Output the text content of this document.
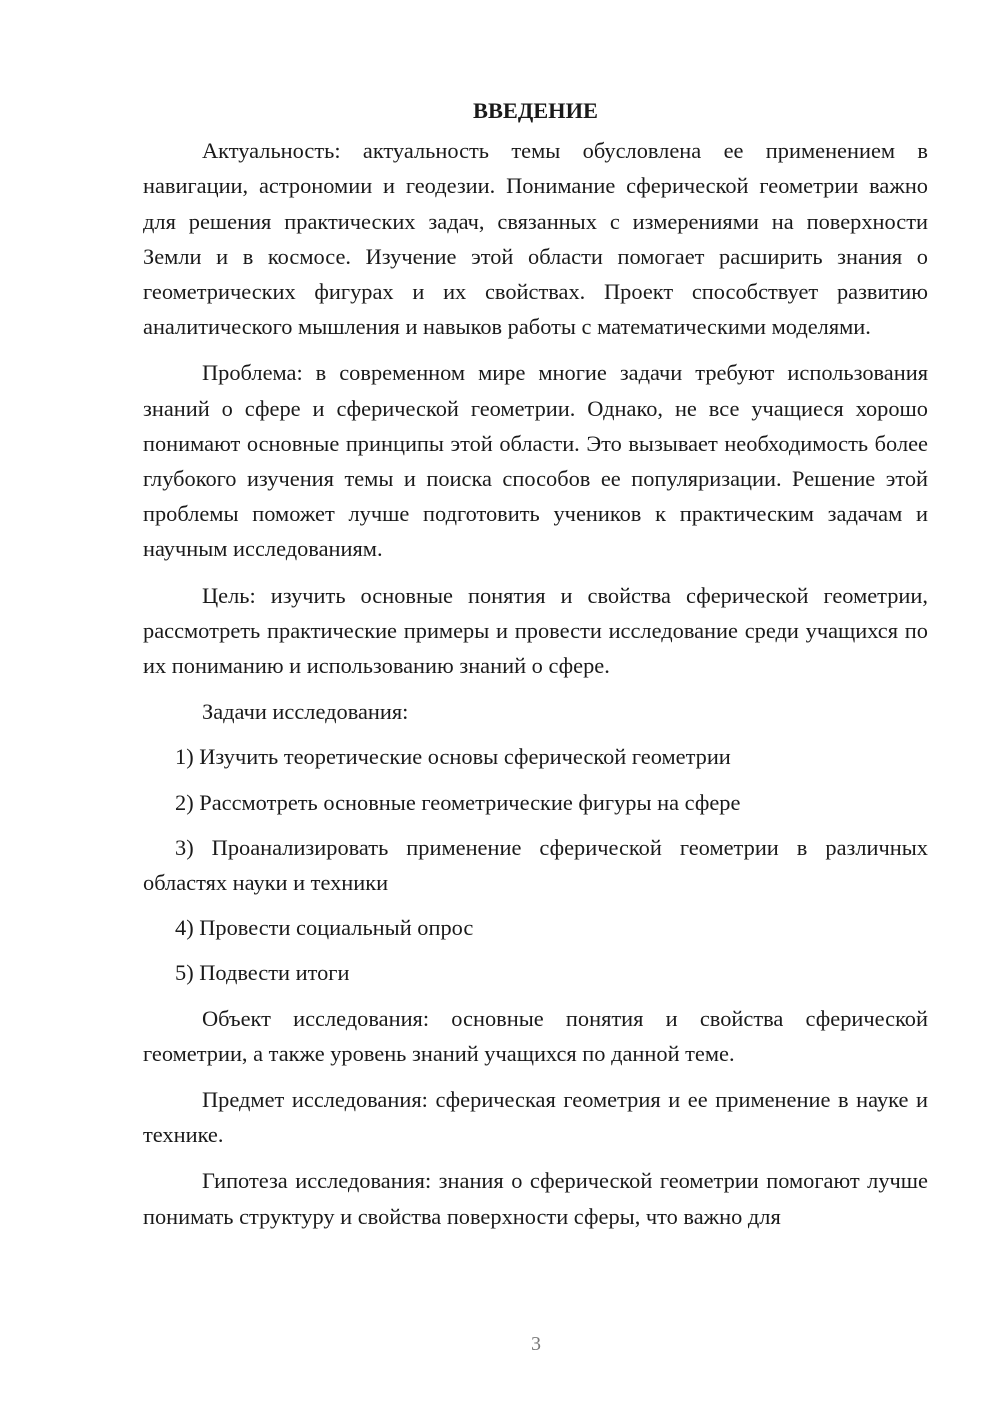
ВВЕДЕНИЕ

Актуальность: актуальность темы обусловлена ее применением в навигации, астрономии и геодезии. Понимание сферической геометрии важно для решения практических задач, связанных с измерениями на поверхности Земли и в космосе. Изучение этой области помогает расширить знания о геометрических фигурах и их свойствах. Проект способствует развитию аналитического мышления и навыков работы с математическими моделями.

Проблема: в современном мире многие задачи требуют использования знаний о сфере и сферической геометрии. Однако, не все учащиеся хорошо понимают основные принципы этой области. Это вызывает необходимость более глубокого изучения темы и поиска способов ее популяризации. Решение этой проблемы поможет лучше подготовить учеников к практическим задачам и научным исследованиям.

Цель: изучить основные понятия и свойства сферической геометрии, рассмотреть практические примеры и провести исследование среди учащихся по их пониманию и использованию знаний о сфере.

Задачи исследования:

1) Изучить теоретические основы сферической геометрии

2) Рассмотреть основные геометрические фигуры на сфере

3) Проанализировать применение сферической геометрии в различных областях науки и техники

4) Провести социальный опрос

5) Подвести итоги

Объект исследования: основные понятия и свойства сферической геометрии, а также уровень знаний учащихся по данной теме.

Предмет исследования: сферическая геометрия и ее применение в науке и технике.

Гипотеза исследования: знания о сферической геометрии помогают лучше понимать структуру и свойства поверхности сферы, что важно для

3
